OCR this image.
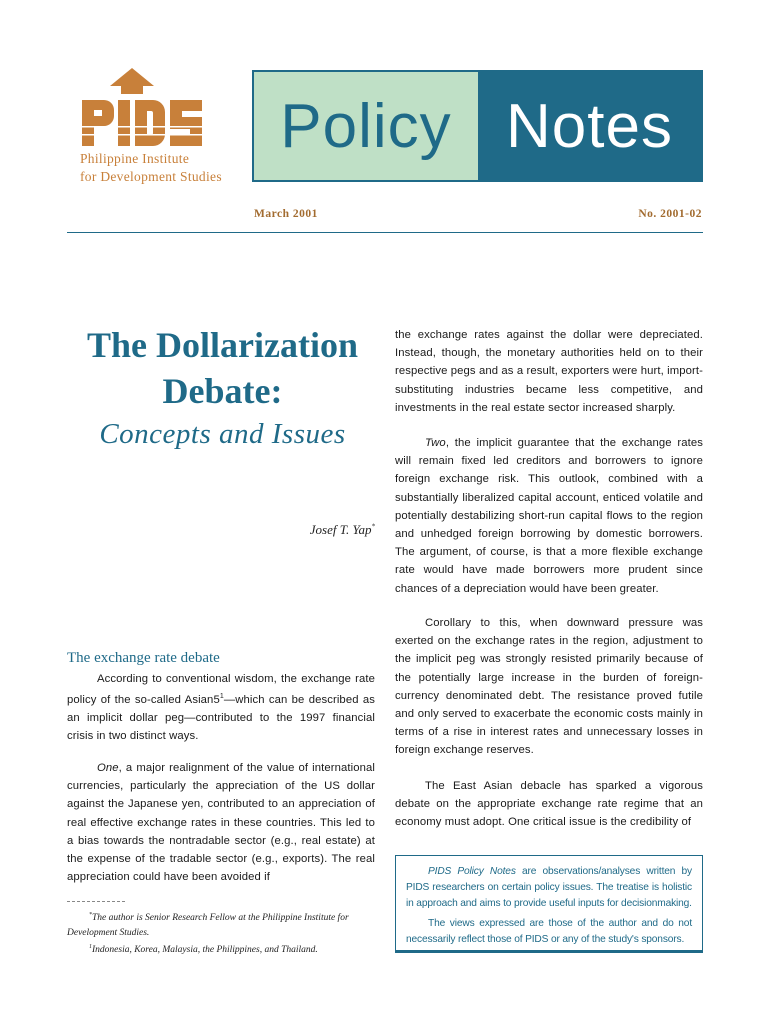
Philippine Institute
for Development Studies
Policy Notes
March 2001	No. 2001-02
The Dollarization
Debate:
Concepts and Issues
Josef T. Yap*
The exchange rate debate
According to conventional wisdom, the exchange rate policy of the so-called $Asian5^1—which$ can be described as an implicit dollar peg—contributed to the 1997 financial crisis in two distinct ways.
One, a major realignment of the value of international currencies, particularly the appreciation of the US dollar against the Japanese yen, contributed to an appreciation of real effective exchange rates in these countries. This led to a bias towards the nontradable sector (e.g., real estate) at the expense of the tradable sector (e.g., exports). The real appreciation could have been avoided if
the exchange rates against the dollar were depreciated. Instead, though, the monetary authorities held on to their respective pegs and as a result, exporters were hurt, import-substituting industries became less competitive, and investments in the real estate sector increased sharply.
Two, the implicit guarantee that the exchange rates will remain fixed led creditors and borrowers to ignore foreign exchange risk. This outlook, combined with a substantially liberalized capital account, enticed volatile and potentially destabilizing short-run capital flows to the region and unhedged foreign borrowing by domestic borrowers. The argument, of course, is that a more flexible exchange rate would have made borrowers more prudent since chances of a depreciation would have been greater.
Corollary to this, when downward pressure was exerted on the exchange rates in the region, adjustment to the implicit peg was strongly resisted primarily because of the potentially large increase in the burden of foreign-currency denominated debt. The resistance proved futile and only served to exacerbate the economic costs mainly in terms of a rise in interest rates and unnecessary losses in foreign exchange reserves.
The East Asian debacle has sparked a vigorous debate on the appropriate exchange rate regime that an economy must adopt. One critical issue is the credibility of
*The author is Senior Research Fellow at the Philippine Institute for Development Studies.
$^1$Indonesia, Korea, Malaysia, the Philippines, and Thailand.
PIDS Policy Notes are observations/analyses written by PIDS researchers on certain policy issues. The treatise is holistic in approach and aims to provide useful inputs for decisionmaking.
The views expressed are those of the author and do not necessarily reflect those of PIDS or any of the study's sponsors.
